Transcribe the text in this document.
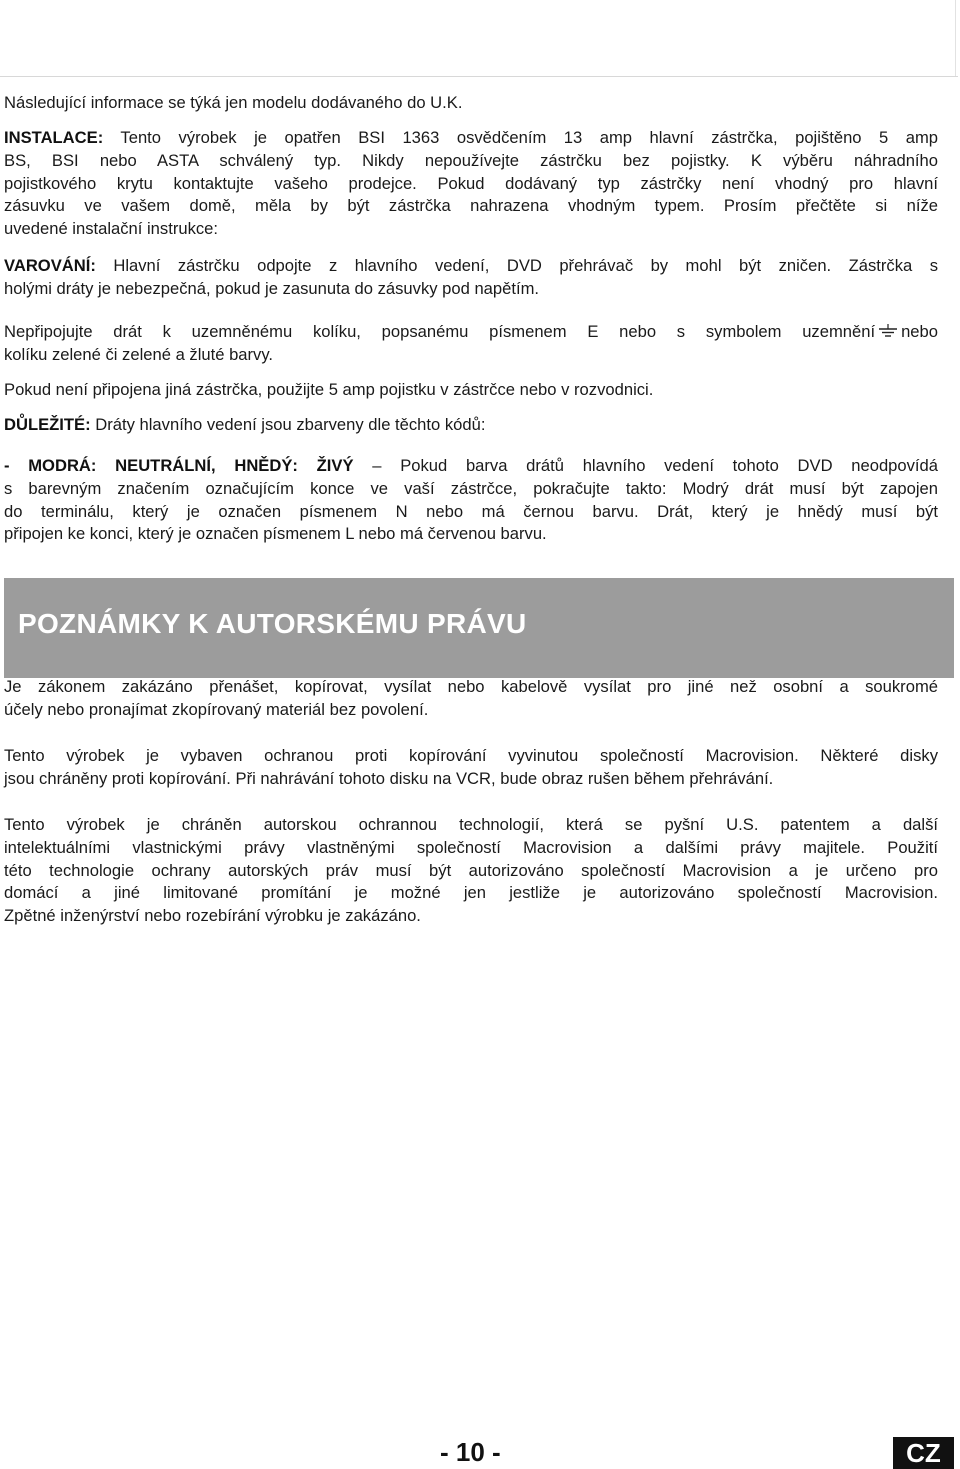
Následující informace se týká jen modelu dodávaného do U.K.
INSTALACE: Tento výrobek je opatřen BSI 1363 osvědčením 13 amp hlavní zástrčka, pojištěno 5 amp
BS, BSI nebo ASTA schválený typ. Nikdy nepoužívejte zástrčku bez pojistky. K výběru náhradního
pojistkového krytu kontaktujte vašeho prodejce. Pokud dodávaný typ zástrčky není vhodný pro hlavní
zásuvku ve vašem domě, měla by být zástrčka nahrazena vhodným typem. Prosím přečtěte si níže
uvedené instalační instrukce:
VAROVÁNÍ: Hlavní zástrčku odpojte z hlavního vedení, DVD přehrávač by mohl být zničen. Zástrčka s
holými dráty je nebezpečná, pokud je zasunuta do zásuvky pod napětím.
Nepřipojujte drát k uzemněnému kolíku, popsanému písmenem E nebo s symbolem uzemnění nebo
kolíku zelené či zelené a žluté barvy.
Pokud není připojena jiná zástrčka, použijte 5 amp pojistku v zástrčce nebo v rozvodnici.
DŮLEŽITÉ: Dráty hlavního vedení jsou zbarveny dle těchto kódů:
- MODRÁ: NEUTRÁLNÍ, HNĚDÝ: ŽIVÝ – Pokud barva drátů hlavního vedení tohoto DVD neodpovídá
s barevným značením označujícím konce ve vaší zástrčce, pokračujte takto: Modrý drát musí být zapojen
do terminálu, který je označen písmenem N nebo má černou barvu. Drát, který je hnědý musí být
připojen ke konci, který je označen písmenem L nebo má červenou barvu.
POZNÁMKY K AUTORSKÉMU PRÁVU
Je zákonem zakázáno přenášet, kopírovat, vysílat nebo kabelově vysílat pro jiné než osobní a soukromé
účely nebo pronajímat zkopírovaný materiál bez povolení.
Tento výrobek je vybaven ochranou proti kopírování vyvinutou společností Macrovision. Některé disky
jsou chráněny proti kopírování. Při nahrávání tohoto disku na VCR, bude obraz rušen během přehrávání.
Tento výrobek je chráněn autorskou ochrannou technologií, která se pyšní U.S. patentem a další
intelektuálními vlastnickými právy vlastněnými společností Macrovision a dalšími právy majitele. Použití
této technologie ochrany autorských práv musí být autorizováno společností Macrovision a je určeno pro
domácí a jiné limitované promítání je možné jen jestliže je autorizováno společností Macrovision.
Zpětné inženýrství nebo rozebírání výrobku je zakázáno.
- 10 -	CZ
